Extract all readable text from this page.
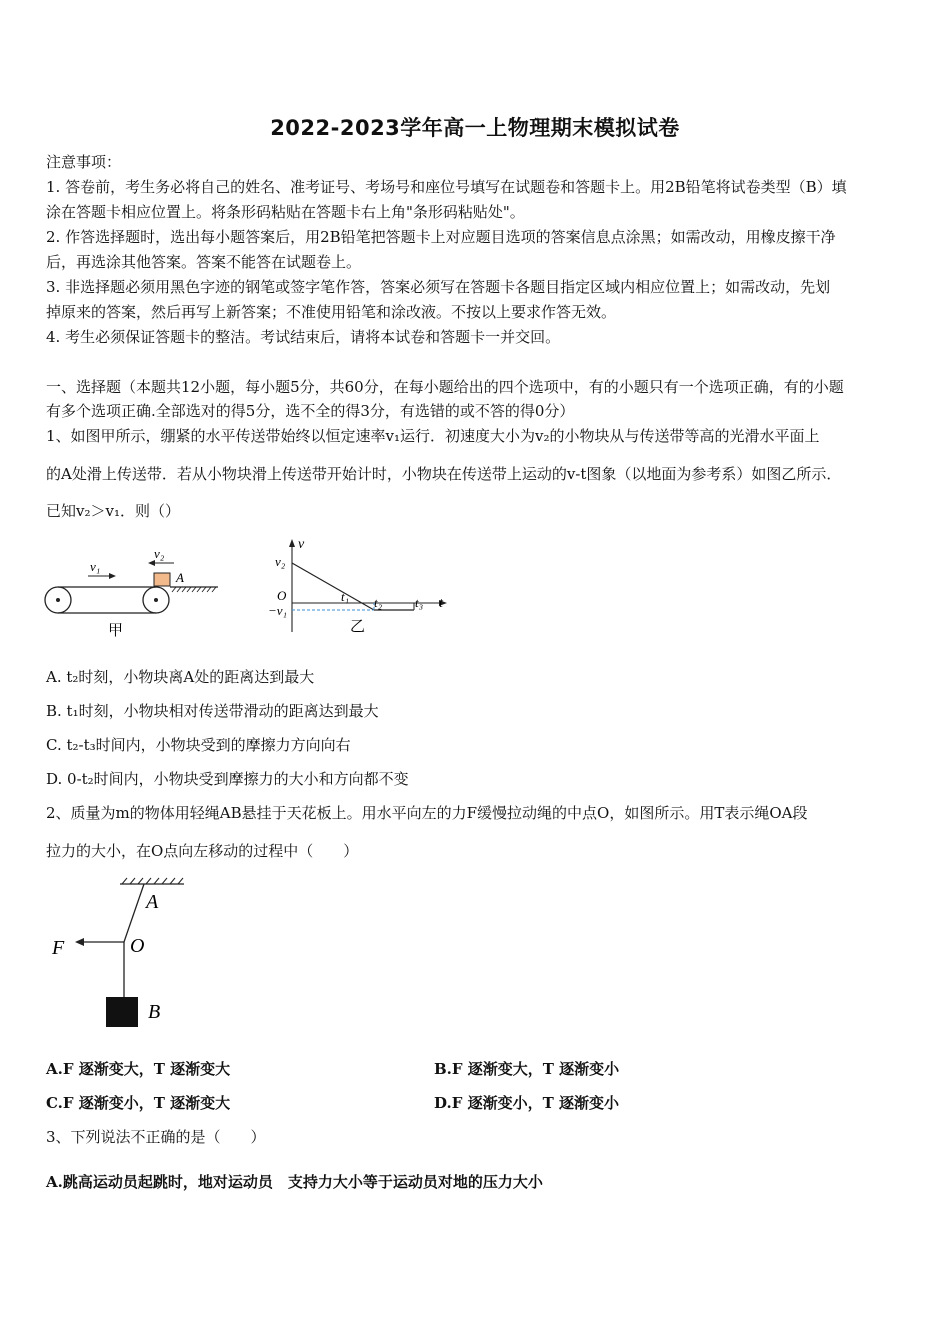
2022-2023学年高一上物理期末模拟试卷
注意事项：
1. 答卷前，考生务必将自己的姓名、准考证号、考场号和座位号填写在试题卷和答题卡上。用2B铅笔将试卷类型（B）填
涂在答题卡相应位置上。将条形码粘贴在答题卡右上角"条形码粘贴处"。
2. 作答选择题时，选出每小题答案后，用2B铅笔把答题卡上对应题目选项的答案信息点涂黑；如需改动，用橡皮擦干净
后，再选涂其他答案。答案不能答在试题卷上。
3. 非选择题必须用黑色字迹的钢笔或签字笔作答，答案必须写在答题卡各题目指定区域内相应位置上；如需改动，先划
掉原来的答案，然后再写上新答案；不准使用铅笔和涂改液。不按以上要求作答无效。
4. 考生必须保证答题卡的整洁。考试结束后，请将本试卷和答题卡一并交回。
一、选择题（本题共12小题，每小题5分，共60分，在每小题给出的四个选项中，有的小题只有一个选项正确，有的小题
有多个选项正确.全部选对的得5分，选不全的得3分，有选错的或不答的得0分）
1、如图甲所示，绷紧的水平传送带始终以恒定速率v₁运行．初速度大小为v₂的小物块从与传送带等高的光滑水平面上
的A处滑上传送带．若从小物块滑上传送带开始计时，小物块在传送带上运动的v-t图象（以地面为参考系）如图乙所示．
已知v₂＞v₁．则（）
v₁
v₂
A
甲
v
v₂
O
−v₁
t₁ t₂	t₃ t
乙
A. t₂时刻，小物块离A处的距离达到最大
B. t₁时刻，小物块相对传送带滑动的距离达到最大
C. t₂-t₃时间内，小物块受到的摩擦力方向向右
D. 0-t₂时间内，小物块受到摩擦力的大小和方向都不变
2、质量为m的物体用轻绳AB悬挂于天花板上。用水平向左的力F缓慢拉动绳的中点O，如图所示。用T表示绳OA段
拉力的大小，在O点向左移动的过程中（　　）
A
F	O
B
A.F 逐渐变大，T 逐渐变大	B.F 逐渐变大，T 逐渐变小
C.F 逐渐变小，T 逐渐变大	D.F 逐渐变小，T 逐渐变小
3、下列说法不正确的是（　　）
A.跳高运动员起跳时，地对运动员　支持力大小等于运动员对地的压力大小
